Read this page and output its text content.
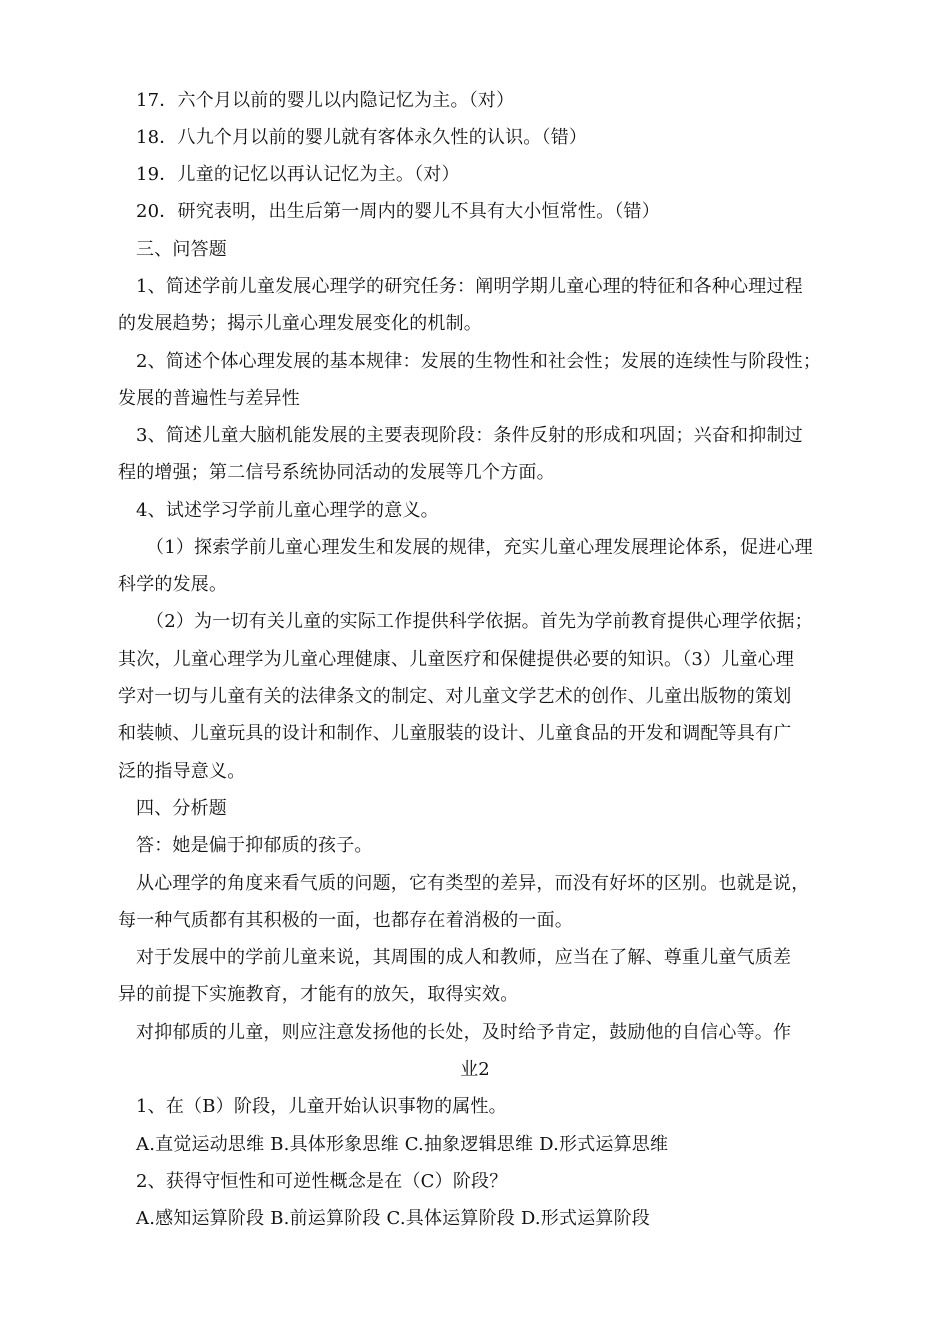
17．六个月以前的婴儿以内隐记忆为主。（对）
18．八九个月以前的婴儿就有客体永久性的认识。（错）
19．儿童的记忆以再认记忆为主。（对）
20．研究表明，出生后第一周内的婴儿不具有大小恒常性。（错）
三、问答题
1、简述学前儿童发展心理学的研究任务：阐明学期儿童心理的特征和各种心理过程
的发展趋势；揭示儿童心理发展变化的机制。
2、简述个体心理发展的基本规律：发展的生物性和社会性；发展的连续性与阶段性；
发展的普遍性与差异性
3、简述儿童大脑机能发展的主要表现阶段：条件反射的形成和巩固；兴奋和抑制过
程的增强；第二信号系统协同活动的发展等几个方面。
4、试述学习学前儿童心理学的意义。
（1）探索学前儿童心理发生和发展的规律，充实儿童心理发展理论体系，促进心理
科学的发展。
（2）为一切有关儿童的实际工作提供科学依据。首先为学前教育提供心理学依据；
其次，儿童心理学为儿童心理健康、儿童医疗和保健提供必要的知识。（3）儿童心理
学对一切与儿童有关的法律条文的制定、对儿童文学艺术的创作、儿童出版物的策划
和装帧、儿童玩具的设计和制作、儿童服装的设计、儿童食品的开发和调配等具有广
泛的指导意义。
四、分析题
答：她是偏于抑郁质的孩子。
从心理学的角度来看气质的问题，它有类型的差异，而没有好坏的区别。也就是说，
每一种气质都有其积极的一面，也都存在着消极的一面。
对于发展中的学前儿童来说，其周围的成人和教师，应当在了解、尊重儿童气质差
异的前提下实施教育，才能有的放矢，取得实效。
对抑郁质的儿童，则应注意发扬他的长处，及时给予肯定，鼓励他的自信心等。作
业2
1、在（B）阶段，儿童开始认识事物的属性。
A.直觉运动思维 B.具体形象思维 C.抽象逻辑思维 D.形式运算思维
2、获得守恒性和可逆性概念是在（C）阶段？
A.感知运算阶段 B.前运算阶段 C.具体运算阶段 D.形式运算阶段
